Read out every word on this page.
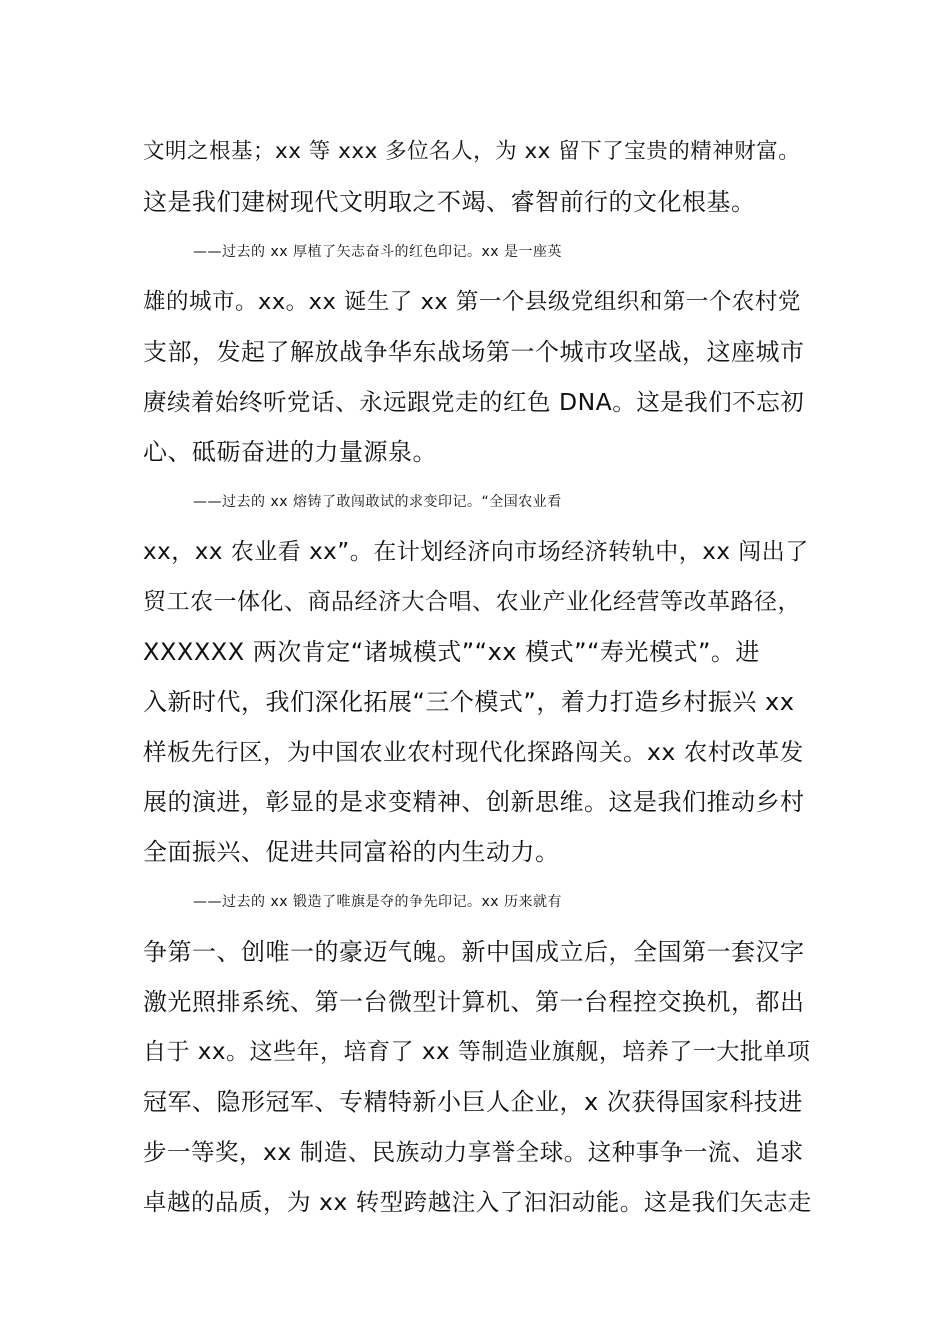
文明之根基；xx 等 xxx 多位名人，为 xx 留下了宝贵的精神财富。
这是我们建树现代文明取之不竭、睿智前行的文化根基。
——过去的 xx 厚植了矢志奋斗的红色印记。xx 是一座英
雄的城市。xx。xx 诞生了 xx 第一个县级党组织和第一个农村党
支部，发起了解放战争华东战场第一个城市攻坚战，这座城市
赓续着始终听党话、永远跟党走的红色 DNA。这是我们不忘初
心、砥砺奋进的力量源泉。
——过去的 xx 熔铸了敢闯敢试的求变印记。“全国农业看
xx，xx 农业看 xx”。在计划经济向市场经济转轨中，xx 闯出了
贸工农一体化、商品经济大合唱、农业产业化经营等改革路径，
XXXXXX 两次肯定“诸城模式”“xx 模式”“寿光模式”。进
入新时代，我们深化拓展“三个模式”，着力打造乡村振兴 xx
样板先行区，为中国农业农村现代化探路闯关。xx 农村改革发
展的演进，彰显的是求变精神、创新思维。这是我们推动乡村
全面振兴、促进共同富裕的内生动力。
——过去的 xx 锻造了唯旗是夺的争先印记。xx 历来就有
争第一、创唯一的豪迈气魄。新中国成立后，全国第一套汉字
激光照排系统、第一台微型计算机、第一台程控交换机，都出
自于 xx。这些年，培育了 xx 等制造业旗舰，培养了一大批单项
冠军、隐形冠军、专精特新小巨人企业，x 次获得国家科技进
步一等奖，xx 制造、民族动力享誉全球。这种事争一流、追求
卓越的品质，为 xx 转型跨越注入了汩汩动能。这是我们矢志走
